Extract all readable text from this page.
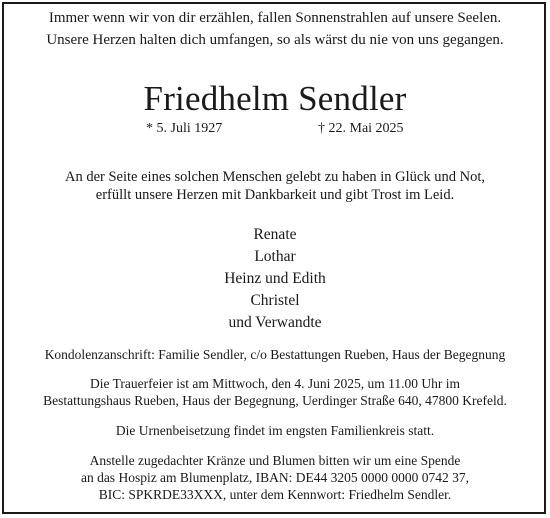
Immer wenn wir von dir erzählen, fallen Sonnenstrahlen auf unsere Seelen.
Unsere Herzen halten dich umfangen, so als wärst du nie von uns gegangen.
Friedhelm Sendler
* 5. Juli 1927	† 22. Mai 2025
An der Seite eines solchen Menschen gelebt zu haben in Glück und Not,
erfüllt unsere Herzen mit Dankbarkeit und gibt Trost im Leid.
Renate
Lothar
Heinz und Edith
Christel
und Verwandte
Kondolenzanschrift: Familie Sendler, c/o Bestattungen Rueben, Haus der Begegnung
Die Trauerfeier ist am Mittwoch, den 4. Juni 2025, um 11.00 Uhr im
Bestattungshaus Rueben, Haus der Begegnung, Uerdinger Straße 640, 47800 Krefeld.
Die Urnenbeisetzung findet im engsten Familienkreis statt.
Anstelle zugedachter Kränze und Blumen bitten wir um eine Spende
an das Hospiz am Blumenplatz, IBAN: DE44 3205 0000 0000 0742 37,
BIC: SPKRDE33XXX, unter dem Kennwort: Friedhelm Sendler.
